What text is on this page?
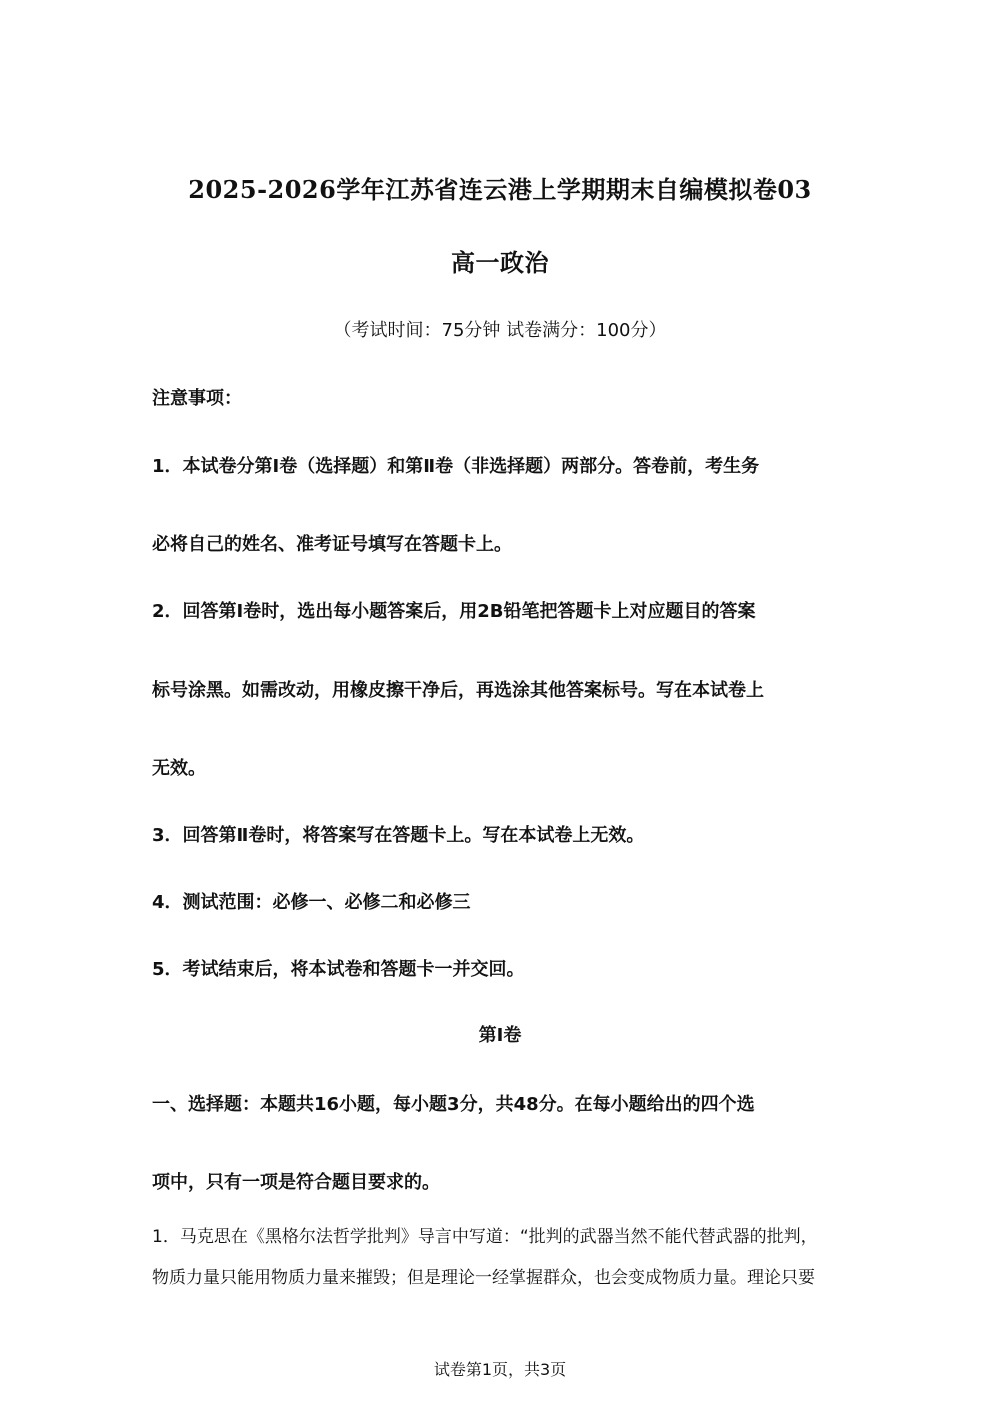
2025-2026学年江苏省连云港上学期期末自编模拟卷03
高一政治
（考试时间：75分钟 试卷满分：100分）
注意事项：
1．本试卷分第Ⅰ卷（选择题）和第Ⅱ卷（非选择题）两部分。答卷前，考生务
必将自己的姓名、准考证号填写在答题卡上。
2．回答第Ⅰ卷时，选出每小题答案后，用2B铅笔把答题卡上对应题目的答案
标号涂黑。如需改动，用橡皮擦干净后，再选涂其他答案标号。写在本试卷上
无效。
3．回答第Ⅱ卷时，将答案写在答题卡上。写在本试卷上无效。
4．测试范围：必修一、必修二和必修三
5．考试结束后，将本试卷和答题卡一并交回。
第Ⅰ卷
一、选择题：本题共16小题，每小题3分，共48分。在每小题给出的四个选
项中，只有一项是符合题目要求的。
1．马克思在《黑格尔法哲学批判》导言中写道：“批判的武器当然不能代替武器的批判，
物质力量只能用物质力量来摧毁；但是理论一经掌握群众，也会变成物质力量。理论只要
试卷第1页，共3页
